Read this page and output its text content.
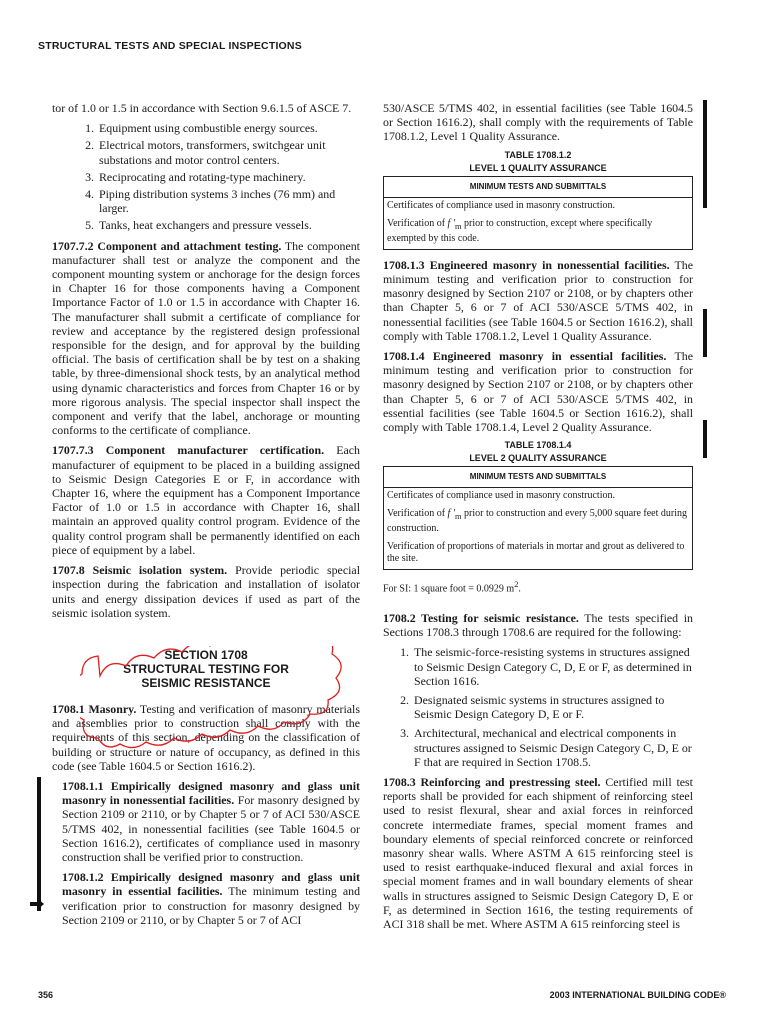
STRUCTURAL TESTS AND SPECIAL INSPECTIONS

tor of 1.0 or 1.5 in accordance with Section 9.6.1.5 of ASCE 7.

1. Equipment using combustible energy sources.
2. Electrical motors, transformers, switchgear unit substations and motor control centers.
3. Reciprocating and rotating-type machinery.
4. Piping distribution systems 3 inches (76 mm) and larger.
5. Tanks, heat exchangers and pressure vessels.

1707.7.2 Component and attachment testing. The component manufacturer shall test or analyze the component and the component mounting system or anchorage for the design forces in Chapter 16 for those components having a Component Importance Factor of 1.0 or 1.5 in accordance with Chapter 16. The manufacturer shall submit a certificate of compliance for review and acceptance by the registered design professional responsible for the design, and for approval by the building official. The basis of certification shall be by test on a shaking table, by three-dimensional shock tests, by an analytical method using dynamic characteristics and forces from Chapter 16 or by more rigorous analysis. The special inspector shall inspect the component and verify that the label, anchorage or mounting conforms to the certificate of compliance.

1707.7.3 Component manufacturer certification. Each manufacturer of equipment to be placed in a building assigned to Seismic Design Categories E or F, in accordance with Chapter 16, where the equipment has a Component Importance Factor of 1.0 or 1.5 in accordance with Chapter 16, shall maintain an approved quality control program. Evidence of the quality control program shall be permanently identified on each piece of equipment by a label.

1707.8 Seismic isolation system. Provide periodic special inspection during the fabrication and installation of isolator units and energy dissipation devices if used as part of the seismic isolation system.

SECTION 1708
STRUCTURAL TESTING FOR
SEISMIC RESISTANCE

1708.1 Masonry. Testing and verification of masonry materials and assemblies prior to construction shall comply with the requirements of this section, depending on the classification of building or structure or nature of occupancy, as defined in this code (see Table 1604.5 or Section 1616.2).

1708.1.1 Empirically designed masonry and glass unit masonry in nonessential facilities. For masonry designed by Section 2109 or 2110, or by Chapter 5 or 7 of ACI 530/ASCE 5/TMS 402, in nonessential facilities (see Table 1604.5 or Section 1616.2), certificates of compliance used in masonry construction shall be verified prior to construction.

1708.1.2 Empirically designed masonry and glass unit masonry in essential facilities. The minimum testing and verification prior to construction for masonry designed by Section 2109 or 2110, or by Chapter 5 or 7 of ACI

530/ASCE 5/TMS 402, in essential facilities (see Table 1604.5 or Section 1616.2), shall comply with the requirements of Table 1708.1.2, Level 1 Quality Assurance.

TABLE 1708.1.2
LEVEL 1 QUALITY ASSURANCE
MINIMUM TESTS AND SUBMITTALS
Certificates of compliance used in masonry construction.
Verification of f $'_m$ prior to construction, except where specifically exempted by this code.

1708.1.3 Engineered masonry in nonessential facilities. The minimum testing and verification prior to construction for masonry designed by Section 2107 or 2108, or by chapters other than Chapter 5, 6 or 7 of ACI 530/ASCE 5/TMS 402, in nonessential facilities (see Table 1604.5 or Section 1616.2), shall comply with Table 1708.1.2, Level 1 Quality Assurance.

1708.1.4 Engineered masonry in essential facilities. The minimum testing and verification prior to construction for masonry designed by Section 2107 or 2108, or by chapters other than Chapter 5, 6 or 7 of ACI 530/ASCE 5/TMS 402, in essential facilities (see Table 1604.5 or Section 1616.2), shall comply with Table 1708.1.4, Level 2 Quality Assurance.

TABLE 1708.1.4
LEVEL 2 QUALITY ASSURANCE
MINIMUM TESTS AND SUBMITTALS
Certificates of compliance used in masonry construction.
Verification of f $'_m$ prior to construction and every 5,000 square feet during construction.
Verification of proportions of materials in mortar and grout as delivered to the site.
For SI: 1 square foot = 0.0929 $m^2$.

1708.2 Testing for seismic resistance. The tests specified in Sections 1708.3 through 1708.6 are required for the following:

1. The seismic-force-resisting systems in structures assigned to Seismic Design Category C, D, E or F, as determined in Section 1616.
2. Designated seismic systems in structures assigned to Seismic Design Category D, E or F.
3. Architectural, mechanical and electrical components in structures assigned to Seismic Design Category C, D, E or F that are required in Section 1708.5.

1708.3 Reinforcing and prestressing steel. Certified mill test reports shall be provided for each shipment of reinforcing steel used to resist flexural, shear and axial forces in reinforced concrete intermediate frames, special moment frames and boundary elements of special reinforced concrete or reinforced masonry shear walls. Where ASTM A 615 reinforcing steel is used to resist earthquake-induced flexural and axial forces in special moment frames and in wall boundary elements of shear walls in structures assigned to Seismic Design Category D, E or F, as determined in Section 1616, the testing requirements of ACI 318 shall be met. Where ASTM A 615 reinforcing steel is

356	2003 INTERNATIONAL BUILDING CODE®
